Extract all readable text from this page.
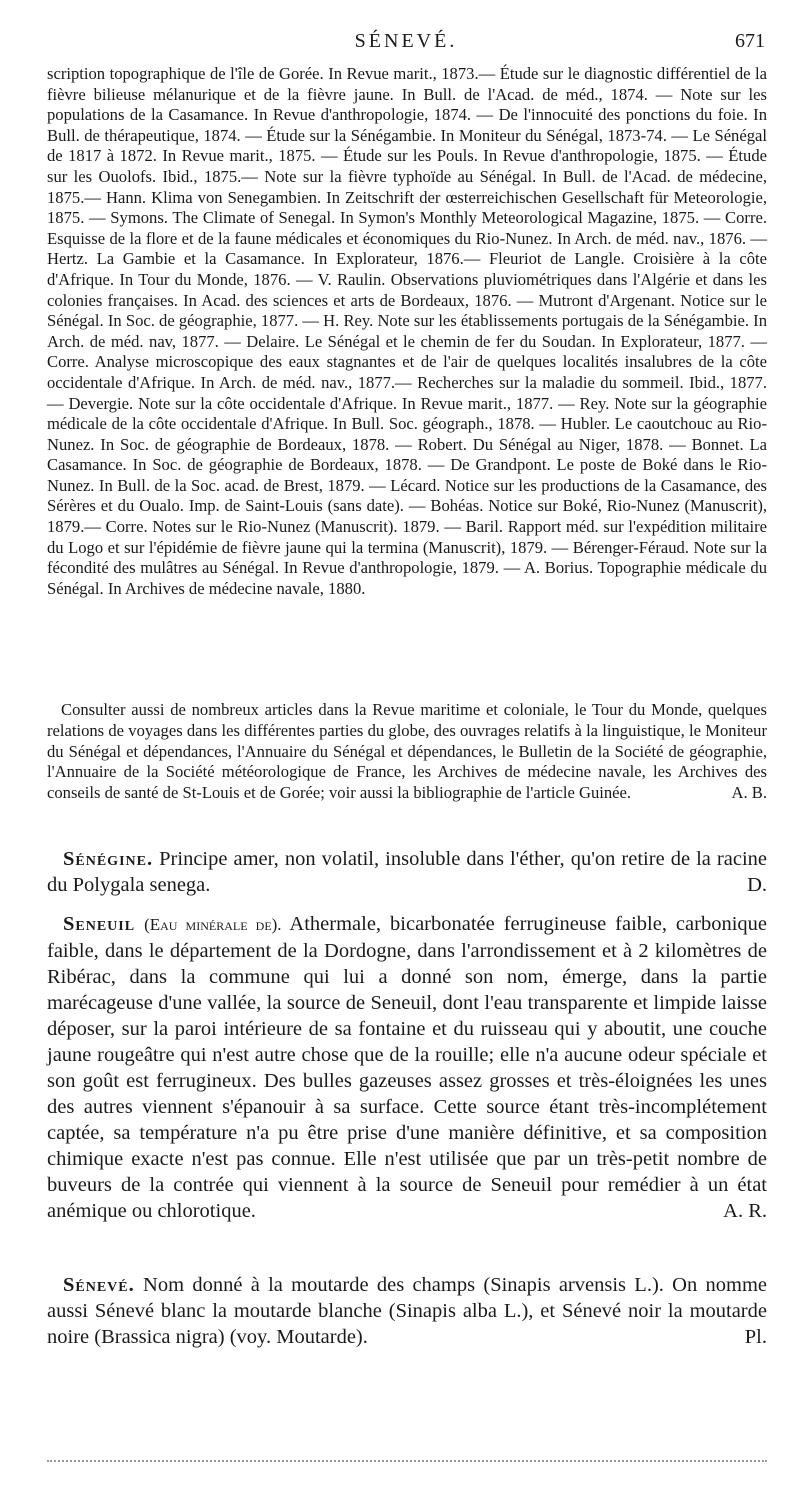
SÉNEVÉ.	671

scription topographique de l'île de Gorée. In Revue marit., 1873.— Étude sur le diagnostic différentiel de la fièvre bilieuse mélanurique et de la fièvre jaune. In Bull. de l'Acad. de méd., 1874. — Note sur les populations de la Casamance. In Revue d'anthropologie, 1874. — De l'innocuité des ponctions du foie. In Bull. de thérapeutique, 1874. — Étude sur la Sénégambie. In Moniteur du Sénégal, 1873-74. — Le Sénégal de 1817 à 1872. In Revue marit., 1875. — Étude sur les Pouls. In Revue d'anthropologie, 1875. — Étude sur les Ouolofs. Ibid., 1875.— Note sur la fièvre typhoïde au Sénégal. In Bull. de l'Acad. de médecine, 1875.— Hann. Klima von Senegambien. In Zeitschrift der œsterreichischen Gesellschaft für Meteorologie, 1875. — Symons. The Climate of Senegal. In Symon's Monthly Meteorological Magazine, 1875. — Corre. Esquisse de la flore et de la faune médicales et économiques du Rio-Nunez. In Arch. de méd. nav., 1876. — Hertz. La Gambie et la Casamance. In Explorateur, 1876.— Fleuriot de Langle. Croisière à la côte d'Afrique. In Tour du Monde, 1876. — V. Raulin. Observations pluviométriques dans l'Algérie et dans les colonies françaises. In Acad. des sciences et arts de Bordeaux, 1876. — Mutront d'Argenant. Notice sur le Sénégal. In Soc. de géographie, 1877. — H. Rey. Note sur les établissements portugais de la Sénégambie. In Arch. de méd. nav, 1877. — Delaire. Le Sénégal et le chemin de fer du Soudan. In Explorateur, 1877. — Corre. Analyse microscopique des eaux stagnantes et de l'air de quelques localités insalubres de la côte occidentale d'Afrique. In Arch. de méd. nav., 1877.— Recherches sur la maladie du sommeil. Ibid., 1877. — Devergie. Note sur la côte occidentale d'Afrique. In Revue marit., 1877. — Rey. Note sur la géographie médicale de la côte occidentale d'Afrique. In Bull. Soc. géograph., 1878. — Hubler. Le caoutchouc au Rio-Nunez. In Soc. de géographie de Bordeaux, 1878. — Robert. Du Sénégal au Niger, 1878. — Bonnet. La Casamance. In Soc. de géographie de Bordeaux, 1878. — De Grandpont. Le poste de Boké dans le Rio-Nunez. In Bull. de la Soc. acad. de Brest, 1879. — Lécard. Notice sur les productions de la Casamance, des Sérères et du Oualo. Imp. de Saint-Louis (sans date). — Bohéas. Notice sur Boké, Rio-Nunez (Manuscrit), 1879.— Corre. Notes sur le Rio-Nunez (Manuscrit). 1879. — Baril. Rapport méd. sur l'expédition militaire du Logo et sur l'épidémie de fièvre jaune qui la termina (Manuscrit), 1879. — Bérenger-Féraud. Note sur la fécondité des mulâtres au Sénégal. In Revue d'anthropologie, 1879. — A. Borius. Topographie médicale du Sénégal. In Archives de médecine navale, 1880.

Consulter aussi de nombreux articles dans la Revue maritime et coloniale, le Tour du Monde, quelques relations de voyages dans les différentes parties du globe, des ouvrages relatifs à la linguistique, le Moniteur du Sénégal et dépendances, l'Annuaire du Sénégal et dépendances, le Bulletin de la Société de géographie, l'Annuaire de la Société météorologique de France, les Archives de médecine navale, les Archives des conseils de santé de St-Louis et de Gorée; voir aussi la bibliographie de l'article Guinée.	A. B.
Sénégine. Principe amer, non volatil, insoluble dans l'éther, qu'on retire de la racine du Polygala senega.	D.
Seneuil (Eau minérale de). Athermale, bicarbonatée ferrugineuse faible, carbonique faible, dans le département de la Dordogne, dans l'arrondissement et à 2 kilomètres de Ribérac, dans la commune qui lui a donné son nom, émerge, dans la partie marécageuse d'une vallée, la source de Seneuil, dont l'eau transparente et limpide laisse déposer, sur la paroi intérieure de sa fontaine et du ruisseau qui y aboutit, une couche jaune rougeâtre qui n'est autre chose que de la rouille; elle n'a aucune odeur spéciale et son goût est ferrugineux. Des bulles gazeuses assez grosses et très-éloignées les unes des autres viennent s'épanouir à sa surface. Cette source étant très-incomplétement captée, sa température n'a pu être prise d'une manière définitive, et sa composition chimique exacte n'est pas connue. Elle n'est utilisée que par un très-petit nombre de buveurs de la contrée qui viennent à la source de Seneuil pour remédier à un état anémique ou chlorotique.	A. R.
Sénevé. Nom donné à la moutarde des champs (Sinapis arvensis L.). On nomme aussi Sénevé blanc la moutarde blanche (Sinapis alba L.), et Sénevé noir la moutarde noire (Brassica nigra) (voy. Moutarde).	Pl.
